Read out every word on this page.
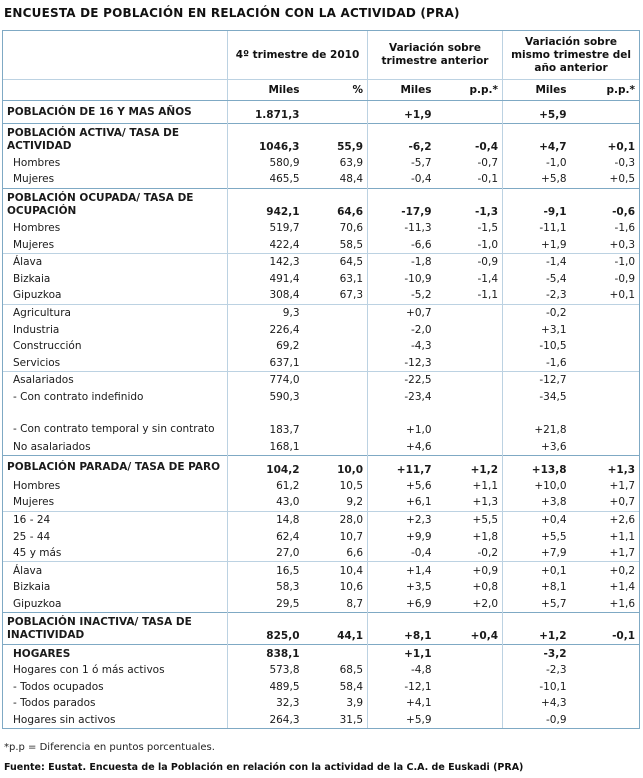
ENCUESTA DE POBLACIÓN EN RELACIÓN CON LA ACTIVIDAD (PRA)
	4º trimestre de 2010		Variación sobre trimestre anterior		Variación sobre mismo trimestre del año anterior	
	Miles	%	Miles	p.p.*	Miles	p.p.*
POBLACIÓN DE 16 Y MAS AÑOS	1.871,3		+1,9		+5,9	
POBLACIÓN ACTIVA/ TASA DE ACTIVIDAD	1046,3	55,9	-6,2	-0,4	+4,7	+0,1
Hombres	580,9	63,9	-5,7	-0,7	-1,0	-0,3
Mujeres	465,5	48,4	-0,4	-0,1	+5,8	+0,5
POBLACIÓN OCUPADA/ TASA DE OCUPACIÓN	942,1	64,6	-17,9	-1,3	-9,1	-0,6
Hombres	519,7	70,6	-11,3	-1,5	-11,1	-1,6
Mujeres	422,4	58,5	-6,6	-1,0	+1,9	+0,3
Álava	142,3	64,5	-1,8	-0,9	-1,4	-1,0
Bizkaia	491,4	63,1	-10,9	-1,4	-5,4	-0,9
Gipuzkoa	308,4	67,3	-5,2	-1,1	-2,3	+0,1
Agricultura	9,3		+0,7		-0,2	
Industria	226,4		-2,0		+3,1	
Construcción	69,2		-4,3		-10,5	
Servicios	637,1		-12,3		-1,6	
Asalariados	774,0		-22,5		-12,7	
- Con contrato indefinido	590,3		-23,4		-34,5	
- Con contrato temporal y sin contrato	183,7		+1,0		+21,8	
No asalariados	168,1		+4,6		+3,6	
POBLACIÓN PARADA/ TASA DE PARO	104,2	10,0	+11,7	+1,2	+13,8	+1,3
Hombres	61,2	10,5	+5,6	+1,1	+10,0	+1,7
Mujeres	43,0	9,2	+6,1	+1,3	+3,8	+0,7
16 - 24	14,8	28,0	+2,3	+5,5	+0,4	+2,6
25 - 44	62,4	10,7	+9,9	+1,8	+5,5	+1,1
45 y más	27,0	6,6	-0,4	-0,2	+7,9	+1,7
Álava	16,5	10,4	+1,4	+0,9	+0,1	+0,2
Bizkaia	58,3	10,6	+3,5	+0,8	+8,1	+1,4
Gipuzkoa	29,5	8,7	+6,9	+2,0	+5,7	+1,6
POBLACIÓN INACTIVA/ TASA DE INACTIVIDAD	825,0	44,1	+8,1	+0,4	+1,2	-0,1
HOGARES	838,1		+1,1		-3,2	
Hogares con 1 ó más activos	573,8	68,5	-4,8		-2,3	
- Todos ocupados	489,5	58,4	-12,1		-10,1	
- Todos parados	32,3	3,9	+4,1		+4,3	
Hogares sin activos	264,3	31,5	+5,9		-0,9	
*p.p = Diferencia en puntos porcentuales.
Fuente: Eustat. Encuesta de la Población en relación con la actividad de la C.A. de Euskadi (PRA)
